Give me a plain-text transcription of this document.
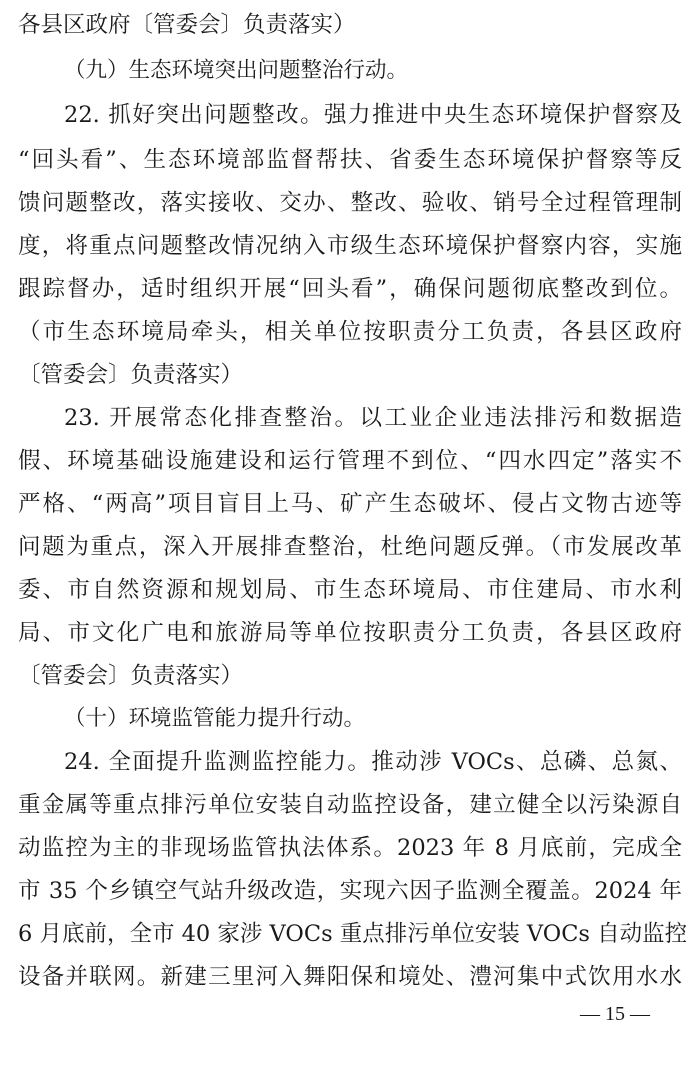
各县区政府〔管委会〕负责落实）
（九）生态环境突出问题整治行动。
22. 抓好突出问题整改。强力推进中央生态环境保护督察及
“回头看”、生态环境部监督帮扶、省委生态环境保护督察等反
馈问题整改，落实接收、交办、整改、验收、销号全过程管理制
度，将重点问题整改情况纳入市级生态环境保护督察内容，实施
跟踪督办，适时组织开展“回头看”，确保问题彻底整改到位。
（市生态环境局牵头，相关单位按职责分工负责，各县区政府
〔管委会〕负责落实）
23. 开展常态化排查整治。以工业企业违法排污和数据造
假、环境基础设施建设和运行管理不到位、“四水四定”落实不
严格、“两高”项目盲目上马、矿产生态破坏、侵占文物古迹等
问题为重点，深入开展排查整治，杜绝问题反弹。（市发展改革
委、市自然资源和规划局、市生态环境局、市住建局、市水利
局、市文化广电和旅游局等单位按职责分工负责，各县区政府
〔管委会〕负责落实）
（十）环境监管能力提升行动。
24. 全面提升监测监控能力。推动涉 VOCs、总磷、总氮、
重金属等重点排污单位安装自动监控设备，建立健全以污染源自
动监控为主的非现场监管执法体系。2023 年 8 月底前，完成全
市 35 个乡镇空气站升级改造，实现六因子监测全覆盖。2024 年
6 月底前，全市 40 家涉 VOCs 重点排污单位安装 VOCs 自动监控
设备并联网。新建三里河入舞阳保和境处、澧河集中式饮用水水
— 15 —
